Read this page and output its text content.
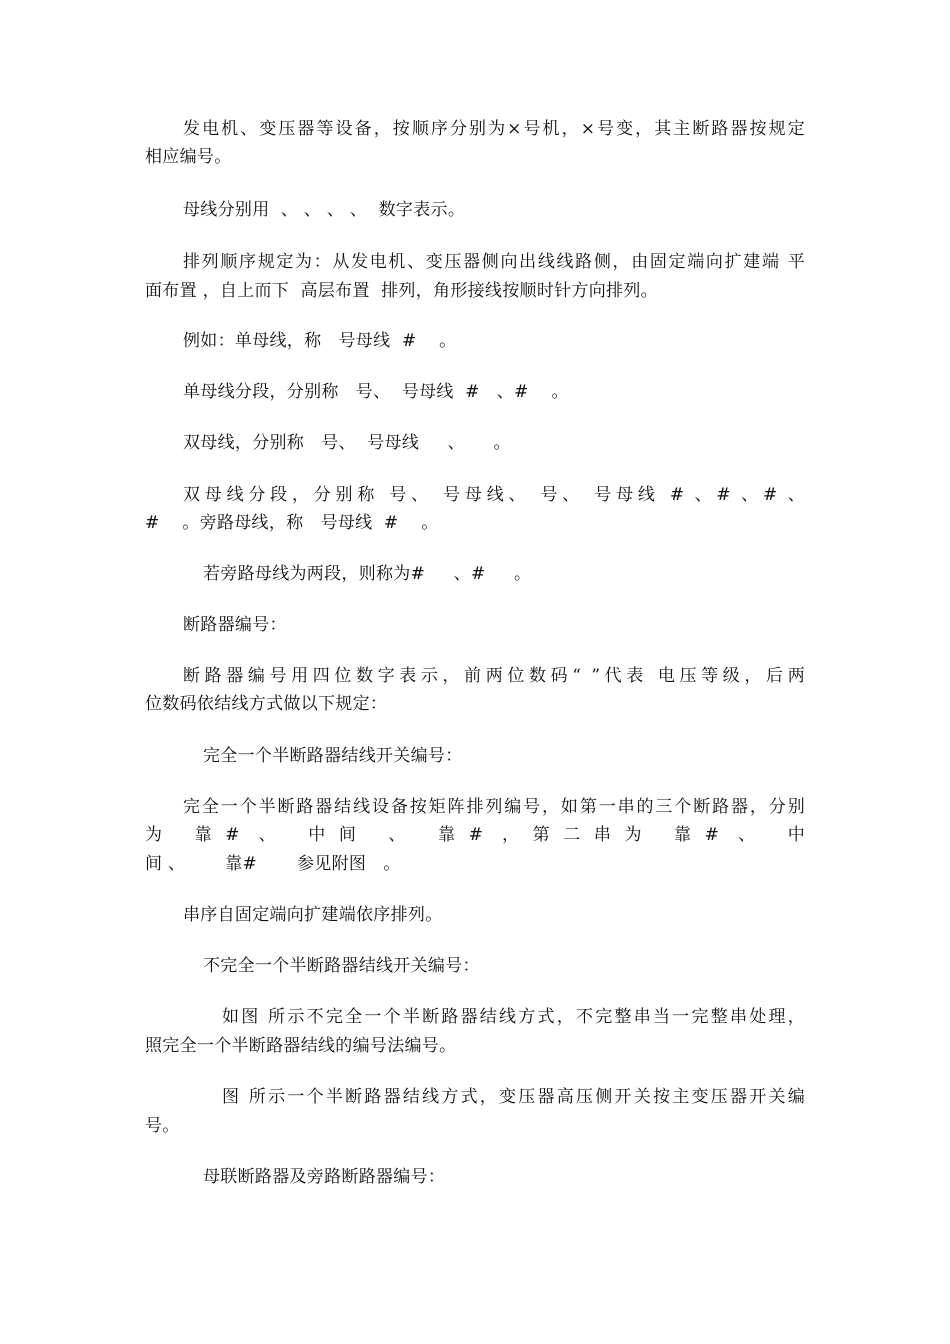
发电机、变压器等设备，按顺序分别为×号机，×号变，其主断路器按规定
相应编号。
母线分别用  、 、 、 、  数字表示。
排列顺序规定为：从发电机、变压器侧向出线线路侧，由固定端向扩建端 平
面布置 ，自上而下  高层布置  排列，角形接线按顺时针方向排列。
例如：单母线，称   号母线  #    。
单母线分段，分别称   号、  号母线  #   、#    。
双母线，分别称   号、  号母线     、     。
双母线分段，分别称 号、 号母线、 号、 号母线 # 、# 、# 、
#    。旁路母线，称   号母线  #    。
若旁路母线为两段，则称为#     、#     。
断路器编号：
断路器编号用四位数字表示，前两位数码“ ”代表 电压等级，后两
位数码依结线方式做以下规定：
完全一个半断路器结线开关编号：
完全一个半断路器结线设备按矩阵排列编号，如第一串的三个断路器，分别
为 靠# 、 中间 、 靠# ，第二串为 靠# 、 中
间 、       靠#       参见附图   。
串序自固定端向扩建端依序排列。
不完全一个半断路器结线开关编号：
如图 所示不完全一个半断路器结线方式，不完整串当一完整串处理，
照完全一个半断路器结线的编号法编号。
图 所示一个半断路器结线方式，变压器高压侧开关按主变压器开关编
号。
母联断路器及旁路断路器编号：
